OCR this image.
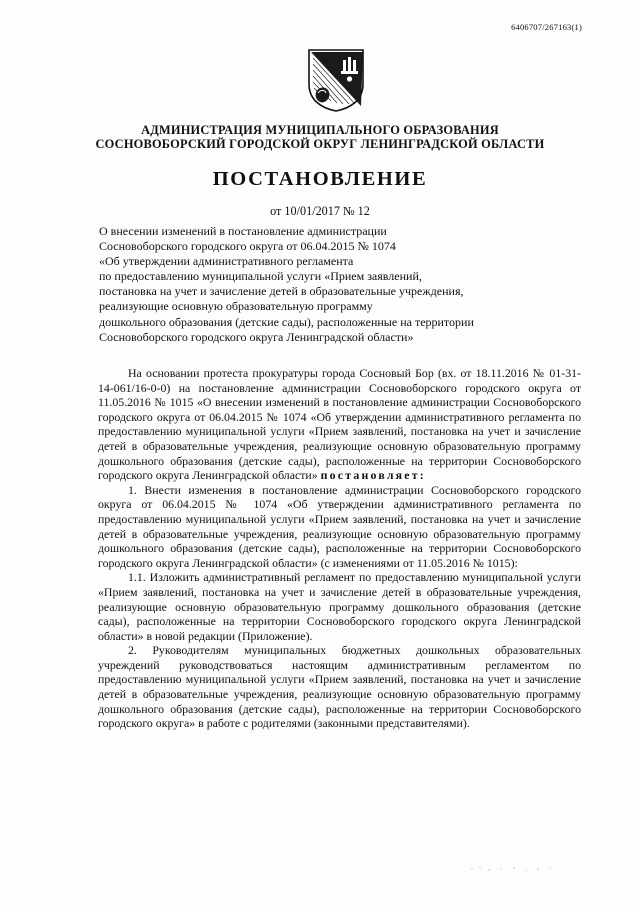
6406707/267163(1)
АДМИНИСТРАЦИЯ МУНИЦИПАЛЬНОГО ОБРАЗОВАНИЯ
СОСНОВОБОРСКИЙ ГОРОДСКОЙ ОКРУГ ЛЕНИНГРАДСКОЙ ОБЛАСТИ
ПОСТАНОВЛЕНИЕ
от 10/01/2017 № 12
О внесении изменений в постановление администрации
Сосновоборского городского округа от 06.04.2015 № 1074
«Об утверждении административного регламента
по предоставлению муниципальной услуги «Прием заявлений,
постановка на учет и зачисление детей в образовательные учреждения,
реализующие основную образовательную программу
дошкольного образования (детские сады), расположенные на территории
Сосновоборского городского округа Ленинградской области»

На основании протеста прокуратуры города Сосновый Бор (вх. от 18.11.2016 № 01-31-14-061/16-0-0) на постановление администрации Сосновоборского городского округа от 11.05.2016 № 1015 «О внесении изменений в постановление администрации Сосновоборского городского округа от 06.04.2015 № 1074 «Об утверждении административного регламента по предоставлению муниципальной услуги «Прием заявлений, постановка на учет и зачисление детей в образовательные учреждения, реализующие основную образовательную программу дошкольного образования (детские сады), расположенные на территории Сосновоборского городского округа Ленинградской области» постановляет:

1. Внести изменения в постановление администрации Сосновоборского городского округа от 06.04.2015 № 1074 «Об утверждении административного регламента по предоставлению муниципальной услуги «Прием заявлений, постановка на учет и зачисление детей в образовательные учреждения, реализующие основную образовательную программу дошкольного образования (детские сады), расположенные на территории Сосновоборского городского округа Ленинградской области» (с изменениями от 11.05.2016 № 1015):

1.1. Изложить административный регламент по предоставлению муниципальной услуги «Прием заявлений, постановка на учет и зачисление детей в образовательные учреждения, реализующие основную образовательную программу дошкольного образования (детские сады), расположенные на территории Сосновоборского городского округа Ленинградской области» в новой редакции (Приложение).

2. Руководителям муниципальных бюджетных дошкольных образовательных учреждений руководствоваться настоящим административным регламентом по предоставлению муниципальной услуги «Прием заявлений, постановка на учет и зачисление детей в образовательные учреждения, реализующие основную образовательную программу дошкольного образования (детские сады), расположенные на территории Сосновоборского городского округа» в работе с родителями (законными представителями).
